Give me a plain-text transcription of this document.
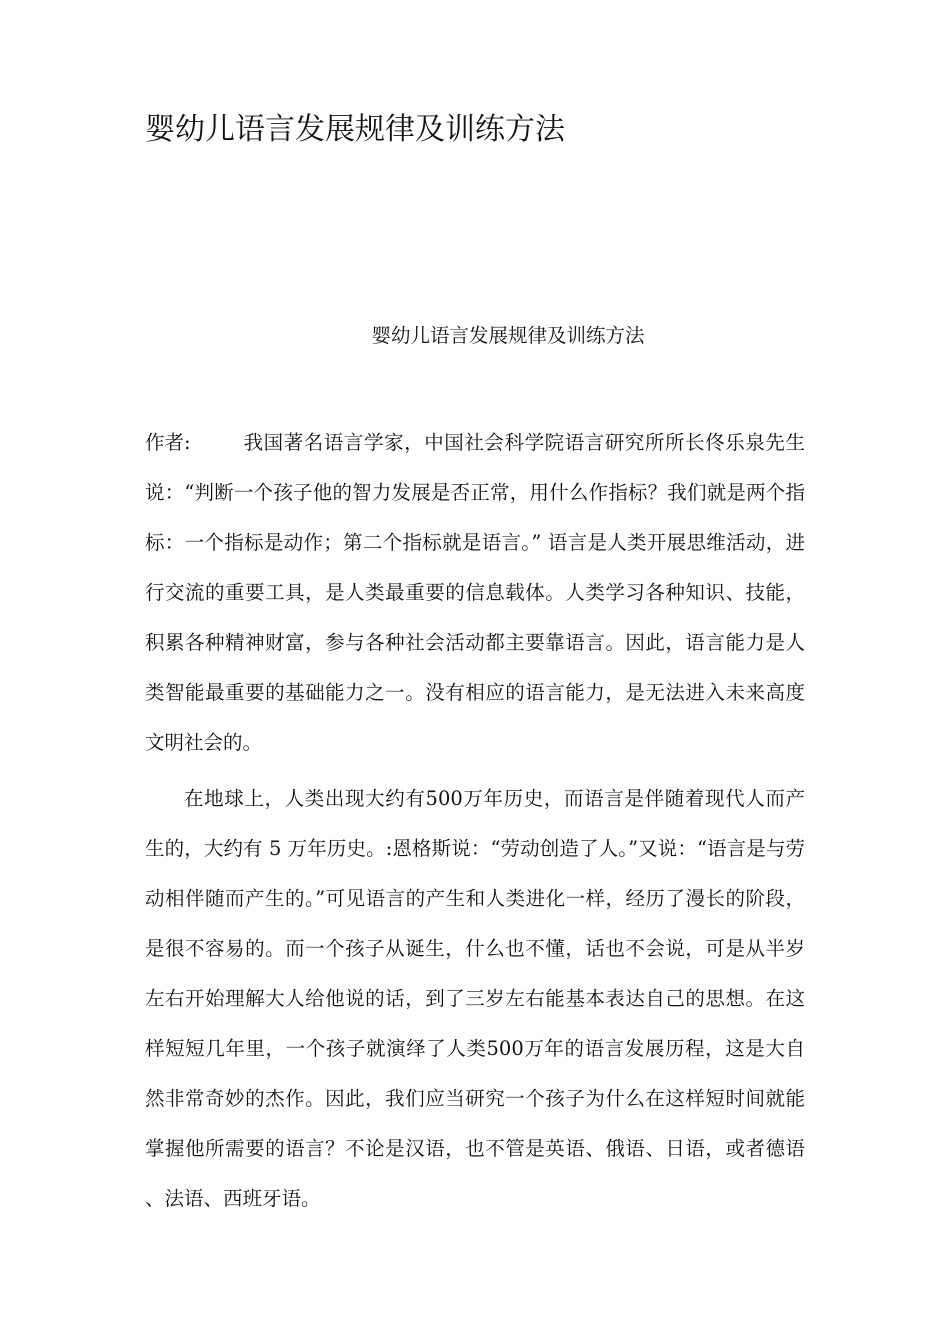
婴幼儿语言发展规律及训练方法
婴幼儿语言发展规律及训练方法

作者:	我国著名语言学家，中国社会科学院语言研究所所长佟乐泉先生说：“判断一个孩子他的智力发展是否正常，用什么作指标？我们就是两个指标：一个指标是动作；第二个指标就是语言。” 语言是人类开展思维活动，进行交流的重要工具，是人类最重要的信息载体。人类学习各种知识、技能，积累各种精神财富，参与各种社会活动都主要靠语言。因此，语言能力是人类智能最重要的基础能力之一。没有相应的语言能力，是无法进入未来高度文明社会的。

在地球上，人类出现大约有500万年历史，而语言是伴随着现代人而产生的，大约有 5 万年历史。:恩格斯说：“劳动创造了人。”又说：“语言是与劳动相伴随而产生的。”可见语言的产生和人类进化一样，经历了漫长的阶段，是很不容易的。而一个孩子从诞生，什么也不懂，话也不会说，可是从半岁左右开始理解大人给他说的话，到了三岁左右能基本表达自己的思想。在这样短短几年里，一个孩子就演绎了人类500万年的语言发展历程，这是大自然非常奇妙的杰作。因此，我们应当研究一个孩子为什么在这样短时间就能掌握他所需要的语言？不论是汉语，也不管是英语、俄语、日语，或者德语 、法语、西班牙语。
